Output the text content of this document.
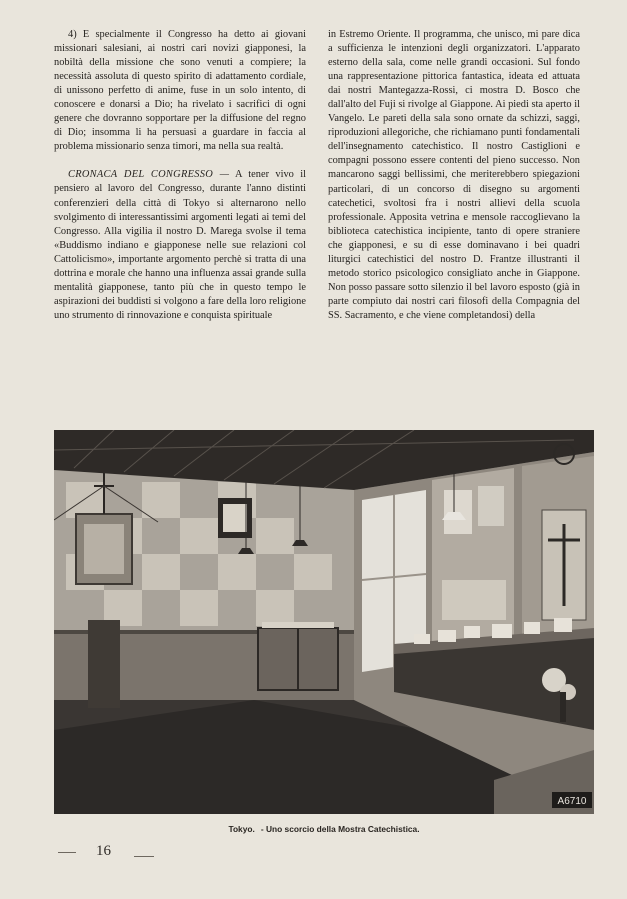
4) E specialmente il Congresso ha detto ai giovani missionari salesiani, ai nostri cari novizi giapponesi, la nobiltà della missione che sono venuti a compiere; la necessità assoluta di questo spirito di adattamento cordiale, di unissono perfetto di anime, fuse in un solo intento, di conoscere e donarsi a Dio; ha rivelato i sacrifici di ogni genere che dovranno sopportare per la diffusione del regno di Dio; insomma li ha persuasi a guardare in faccia al problema missionario senza timori, ma nella sua realtà.

CRONACA DEL CONGRESSO — A tener vivo il pensiero al lavoro del Congresso, durante l'anno distinti conferenzieri della città di Tokyo si alternarono nello svolgimento di interessantissimi argomenti legati ai temi del Congresso. Alla vigilia il nostro D. Marega svolse il tema «Buddismo indiano e giapponese nelle sue relazioni col Cattolicismo», importante argomento perchè si tratta di una dottrina e morale che hanno una influenza assai grande sulla mentalità giapponese, tanto più che in questo tempo le aspirazioni dei buddisti si volgono a fare della loro religione uno strumento di rinnovazione e conquista spirituale

in Estremo Oriente. Il programma, che unisco, mi pare dica a sufficienza le intenzioni degli organizzatori. L'apparato esterno della sala, come nelle grandi occasioni. Sul fondo una rappresentazione pittorica fantastica, ideata ed attuata dai nostri Mantegazza-Rossi, ci mostra D. Bosco che dall'alto del Fuji si rivolge al Giappone. Ai piedi sta aperto il Vangelo. Le pareti della sala sono ornate da schizzi, saggi, riproduzioni allegoriche, che richiamano punti fondamentali dell'insegnamento catechistico. Il nostro Castiglioni e compagni possono essere contenti del pieno successo. Non mancarono saggi bellissimi, che meriterebbero spiegazioni particolari, di un concorso di disegno su argomenti catechetici, svoltosi fra i nostri allievi della scuola professionale. Apposita vetrina e mensole raccoglievano la biblioteca catechistica incipiente, tanto di opere straniere che giapponesi, e su di esse dominavano i bei quadri liturgici catechistici del nostro D. Frantze illustranti il metodo storico psicologico consigliato anche in Giappone. Non posso passare sotto silenzio il bel lavoro esposto (già in parte compiuto dai nostri cari filosofi della Compagnia del SS. Sacramento, e che viene completandosi) della

A6710
Tokyo. - Uno scorcio della Mostra Catechistica.
16
